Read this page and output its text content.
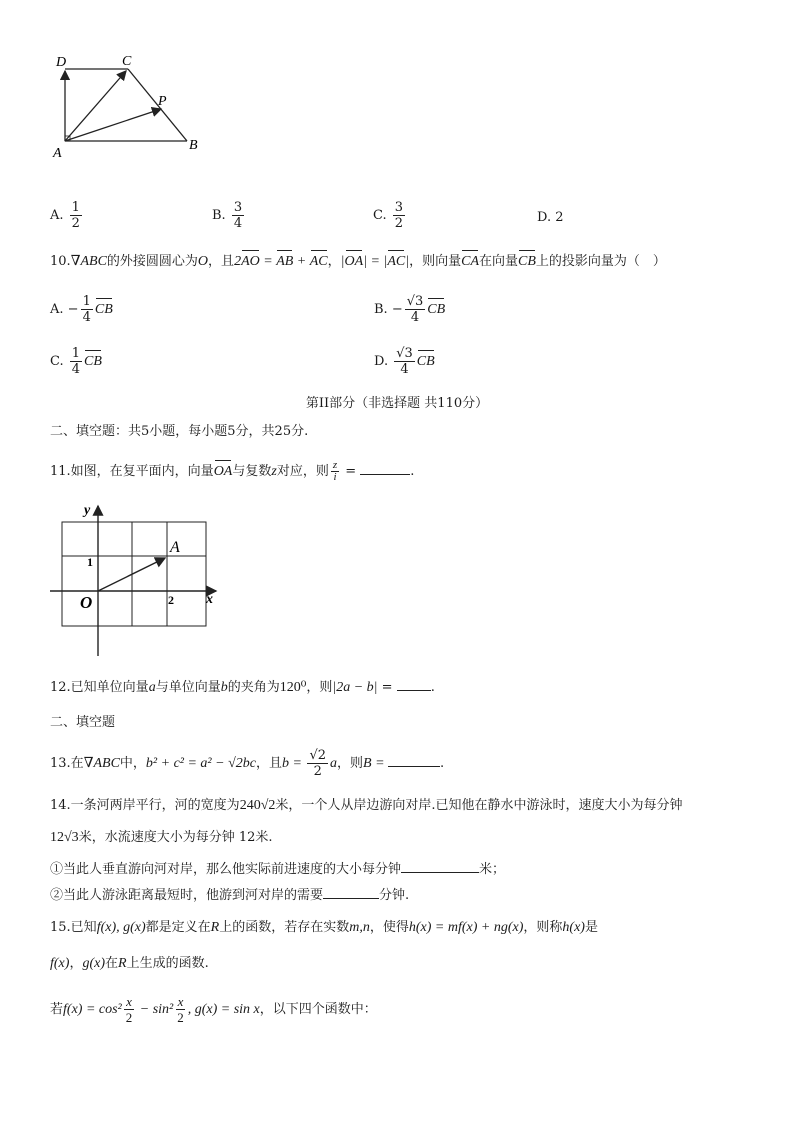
D	C
P
A
B
A. $\frac{1}{2}$	B. $\frac{3}{4}$	C. $\frac{3}{2}$	D. 2
10.∇ABC的外接圆圆心为O，且2AO = AB + AC，|OA| = |AC|，则向量CA在向量CB上的投影向量为（　）
A. − $\frac{1}{4}$ CB	B. − $\frac{√3}{4}$ CB
C. $\frac{1}{4}$ CB	D. $\frac{√3}{4}$ CB
第II部分（非选择题 共110分）
二、填空题：共5小题，每小题5分，共25分.
11.如图，在复平面内，向量OA与复数z对应，则 $\frac{z}{i}$ =	.
y
x
O
A
1
2
12.已知单位向量a与单位向量b的夹角为120⁰，则|2a − b| =	.
二、填空题
13.在∇ABC中，b² + c² = a² − √2bc，且$b = \frac{√2}{2}$ a，则B =	.
14.一条河两岸平行，河的宽度为240√2米，一个人从岸边游向对岸.已知他在静水中游泳时，速度大小为每分钟
12√3米，水流速度大小为每分钟 12米.
①当此人垂直游向河对岸，那么他实际前进速度的大小每分钟	米；
②当此人游泳距离最短时，他游到河对岸的需要	分钟.
15.已知f(x), g(x)都是定义在R上的函数，若存在实数m,n，使得h(x) = mf(x) + ng(x)，则称h(x)是
f(x)，g(x)在R上生成的函数.
若$f(x) = \cos^2 \frac{x}{2} - \sin^2 \frac{x}{2}$ , g(x) = sin x，以下四个函数中：
